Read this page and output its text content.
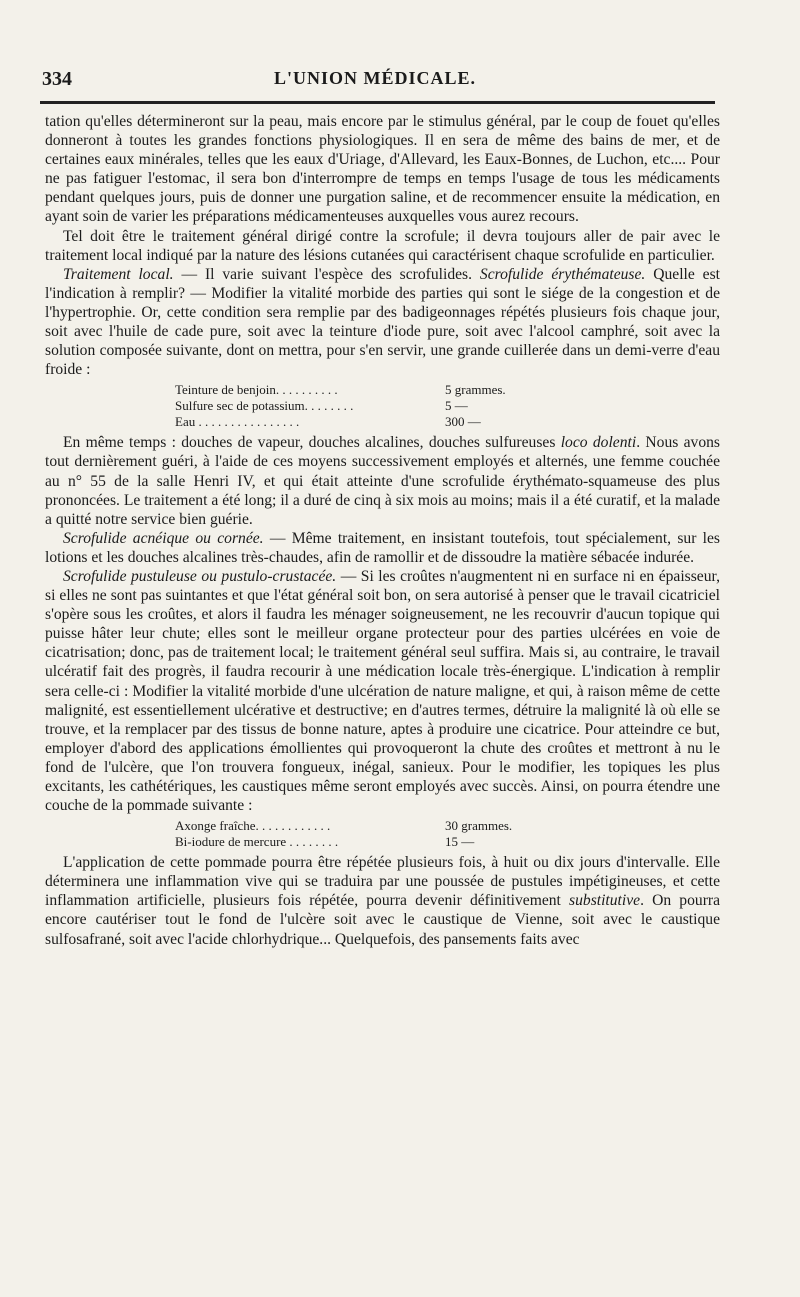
334	L'UNION MÉDICALE.

tation qu'elles détermineront sur la peau, mais encore par le stimulus général, par le coup de fouet qu'elles donneront à toutes les grandes fonctions physiologiques. Il en sera de même des bains de mer, et de certaines eaux minérales, telles que les eaux d'Uriage, d'Allevard, les Eaux-Bonnes, de Luchon, etc.... Pour ne pas fatiguer l'estomac, il sera bon d'interrompre de temps en temps l'usage de tous les médicaments pendant quelques jours, puis de donner une purgation saline, et de recommencer ensuite la médication, en ayant soin de varier les préparations médicamenteuses auxquelles vous aurez recours.

Tel doit être le traitement général dirigé contre la scrofule; il devra toujours aller de pair avec le traitement local indiqué par la nature des lésions cutanées qui caractérisent chaque scrofulide en particulier.

Traitement local. — Il varie suivant l'espèce des scrofulides. Scrofulide érythémateuse. Quelle est l'indication à remplir? — Modifier la vitalité morbide des parties qui sont le siége de la congestion et de l'hypertrophie. Or, cette condition sera remplie par des badigeonnages répétés plusieurs fois chaque jour, soit avec l'huile de cade pure, soit avec la teinture d'iode pure, soit avec l'alcool camphré, soit avec la solution composée suivante, dont on mettra, pour s'en servir, une grande cuillerée dans un demi-verre d'eau froide :

Teinture de benjoin. . . . . . . . . .	5 grammes.
Sulfure sec de potassium. . . . . . . .	5 —
Eau . . . . . . . . . . . . . . . .	300 —

En même temps : douches de vapeur, douches alcalines, douches sulfureuses loco dolenti. Nous avons tout dernièrement guéri, à l'aide de ces moyens successivement employés et alternés, une femme couchée au n° 55 de la salle Henri IV, et qui était atteinte d'une scrofulide érythémato-squameuse des plus prononcées. Le traitement a été long; il a duré de cinq à six mois au moins; mais il a été curatif, et la malade a quitté notre service bien guérie.

Scrofulide acnéique ou cornée. — Même traitement, en insistant toutefois, tout spécialement, sur les lotions et les douches alcalines très-chaudes, afin de ramollir et de dissoudre la matière sébacée indurée.

Scrofulide pustuleuse ou pustulo-crustacée. — Si les croûtes n'augmentent ni en surface ni en épaisseur, si elles ne sont pas suintantes et que l'état général soit bon, on sera autorisé à penser que le travail cicatriciel s'opère sous les croûtes, et alors il faudra les ménager soigneusement, ne les recouvrir d'aucun topique qui puisse hâter leur chute; elles sont le meilleur organe protecteur pour des parties ulcérées en voie de cicatrisation; donc, pas de traitement local; le traitement général seul suffira. Mais si, au contraire, le travail ulcératif fait des progrès, il faudra recourir à une médication locale très-énergique. L'indication à remplir sera celle-ci : Modifier la vitalité morbide d'une ulcération de nature maligne, et qui, à raison même de cette malignité, est essentiellement ulcérative et destructive; en d'autres termes, détruire la malignité là où elle se trouve, et la remplacer par des tissus de bonne nature, aptes à produire une cicatrice. Pour atteindre ce but, employer d'abord des applications émollientes qui provoqueront la chute des croûtes et mettront à nu le fond de l'ulcère, que l'on trouvera fongueux, inégal, sanieux. Pour le modifier, les topiques les plus excitants, les cathétériques, les caustiques même seront employés avec succès. Ainsi, on pourra étendre une couche de la pommade suivante :

Axonge fraîche. . . . . . . . . . . .	30 grammes.
Bi-iodure de mercure . . . . . . . .	15 —

L'application de cette pommade pourra être répétée plusieurs fois, à huit ou dix jours d'intervalle. Elle déterminera une inflammation vive qui se traduira par une poussée de pustules impétigineuses, et cette inflammation artificielle, plusieurs fois répétée, pourra devenir définitivement substitutive. On pourra encore cautériser tout le fond de l'ulcère soit avec le caustique de Vienne, soit avec le caustique sulfosafrané, soit avec l'acide chlorhydrique... Quelquefois, des pansements faits avec
